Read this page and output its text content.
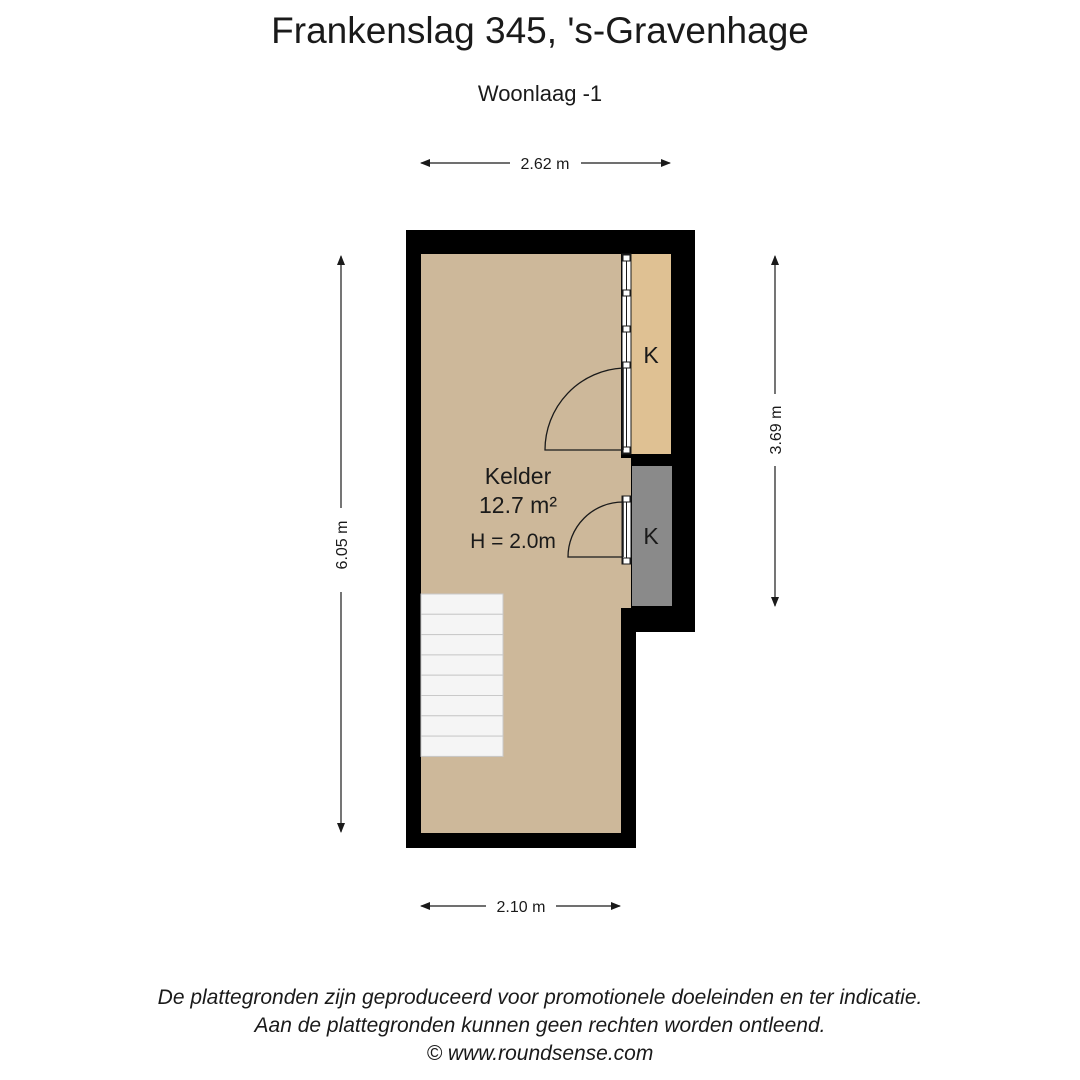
Frankenslag 345, 's-Gravenhage
Woonlaag -1
2.62 m
6.05 m
3.69 m
Kelder
12.7 m²
H = 2.0m
K
K
2.10 m
De plattegronden zijn geproduceerd voor promotionele doeleinden en ter indicatie.
Aan de plattegronden kunnen geen rechten worden ontleend.
© www.roundsense.com
